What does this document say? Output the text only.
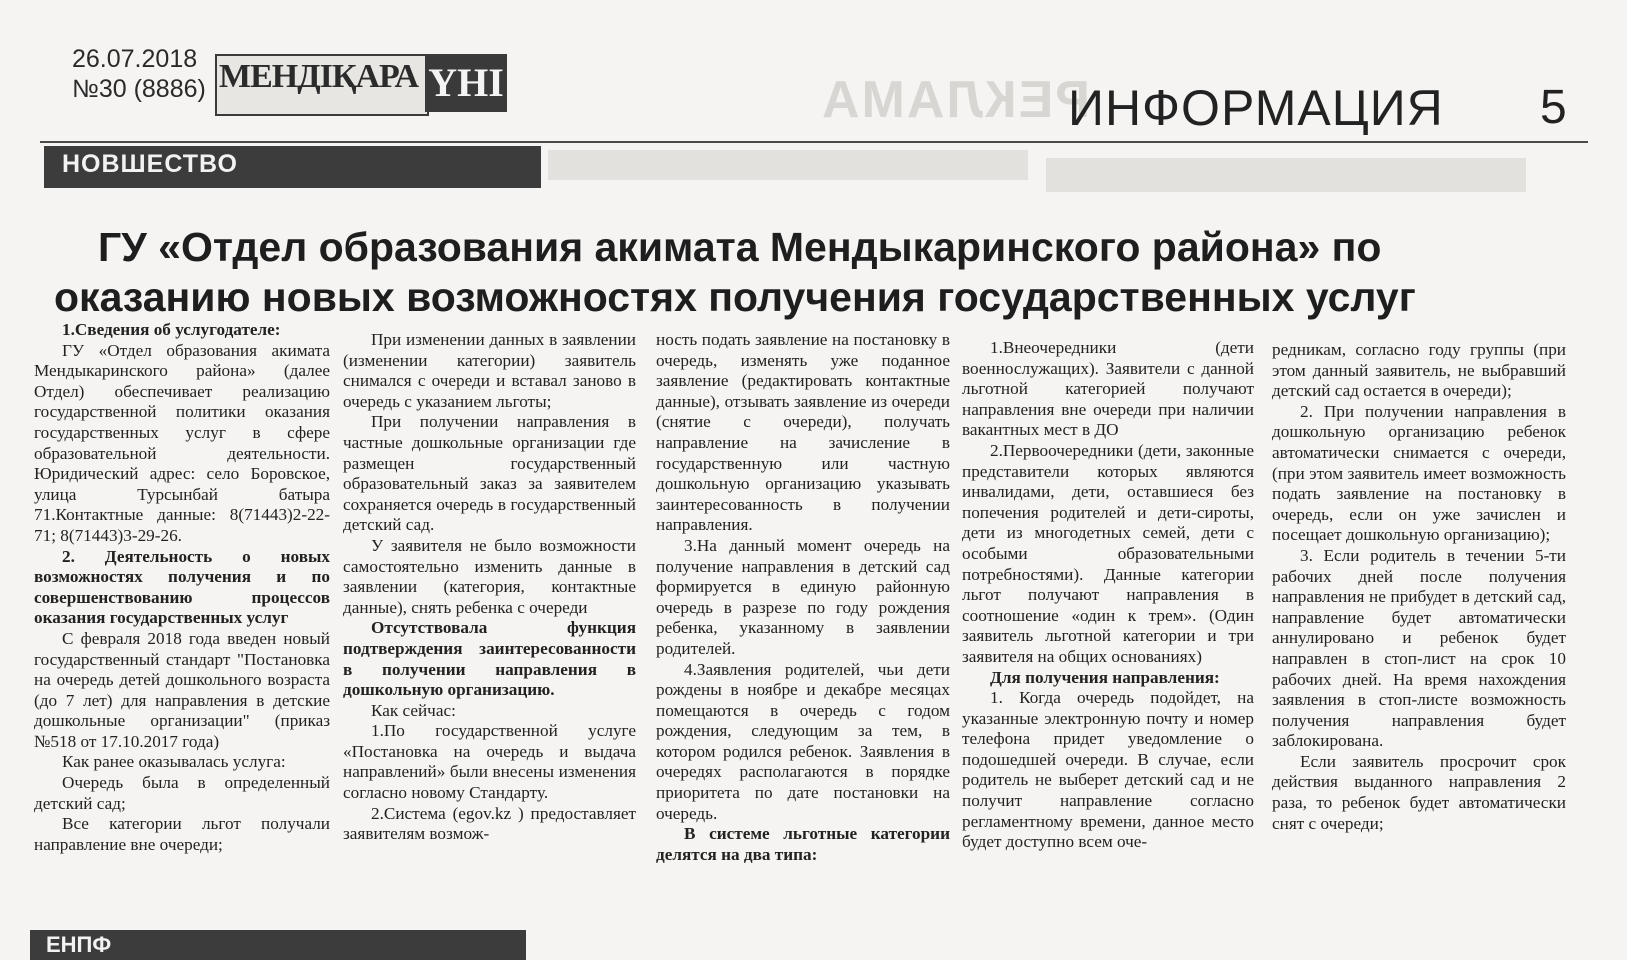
26.07.2018
№30 (8886) МЕНДІҚАРА ҮНІ	РЕКЛАМА
ИНФОРМАЦИЯ 5
НОВШЕСТВО
ГУ «Отдел образования акимата Мендыкаринского района» по
оказанию новых возможностях получения государственных услуг

1.Сведения об услугодателе:

ГУ «Отдел образования акимата Мендыкаринского района» (далее Отдел) обеспечивает реализацию государственной политики оказания государственных услуг в сфере образовательной деятельности. Юридический адрес: село Боровское, улица Турсынбай батыра 71.Контактные данные: 8(71443)2-22-71; 8(71443)3-29-26.

2. Деятельность о новых возможностях получения и по совершенствованию процессов оказания государственных услуг

С февраля 2018 года введен новый государственный стандарт "Постановка на очередь детей дошкольного возраста (до 7 лет) для направления в детские дошкольные организации" (приказ №518 от 17.10.2017 года)

Как ранее оказывалась услуга:

Очередь была в определенный детский сад;

Все категории льгот получали направление вне очереди;

При изменении данных в заявлении (изменении категории) заявитель снимался с очереди и вставал заново в очередь с указанием льготы;

При получении направления в частные дошкольные организации где размещен государственный образовательный заказ за заявителем сохраняется очередь в государственный детский сад.

У заявителя не было возможности самостоятельно изменить данные в заявлении (категория, контактные данные), снять ребенка с очереди

Отсутствовала функция подтверждения заинтересованности в получении направления в дошкольную организацию.

Как сейчас:

1.По государственной услуге «Постановка на очередь и выдача направлений» были внесены изменения согласно новому Стандарту.

2.Система (egov.kz ) предоставляет заявителям возмож-

ность подать заявление на постановку в очередь, изменять уже поданное заявление (редактировать контактные данные), отзывать заявление из очереди (снятие с очереди), получать направление на зачисление в государственную или частную дошкольную организацию указывать заинтересованность в получении направления.

3.На данный момент очередь на получение направления в детский сад формируется в единую районную очередь в разрезе по году рождения ребенка, указанному в заявлении родителей.

4.Заявления родителей, чьи дети рождены в ноябре и декабре месяцах помещаются в очередь с годом рождения, следующим за тем, в котором родился ребенок. Заявления в очередях располагаются в порядке приоритета по дате постановки на очередь.

В системе льготные категории делятся на два типа:

1.Внеочередники (дети военнослужащих). Заявители с данной льготной категорией получают направления вне очереди при наличии вакантных мест в ДО

2.Первоочередники (дети, законные представители которых являются инвалидами, дети, оставшиеся без попечения родителей и дети-сироты, дети из многодетных семей, дети с особыми образовательными потребностями). Данные категории льгот получают направления в соотношение «один к трем». (Один заявитель льготной категории и три заявителя на общих основаниях)

Для получения направления:

1. Когда очередь подойдет, на указанные электронную почту и номер телефона придет уведомление о подошедшей очереди. В случае, если родитель не выберет детский сад и не получит направление согласно регламентному времени, данное место будет доступно всем оче-

редникам, согласно году группы (при этом данный заявитель, не выбравший детский сад остается в очереди);

2. При получении направления в дошкольную организацию ребенок автоматически снимается с очереди, (при этом заявитель имеет возможность подать заявление на постановку в очередь, если он уже зачислен и посещает дошкольную организацию);

3. Если родитель в течении 5-ти рабочих дней после получения направления не прибудет в детский сад, направление будет автоматически аннулировано и ребенок будет направлен в стоп-лист на срок 10 рабочих дней. На время нахождения заявления в стоп-листе возможность получения направления будет заблокирована.

Если заявитель просрочит срок действия выданного направления 2 раза, то ребенок будет автоматически снят с очереди;

ЕНПФ
